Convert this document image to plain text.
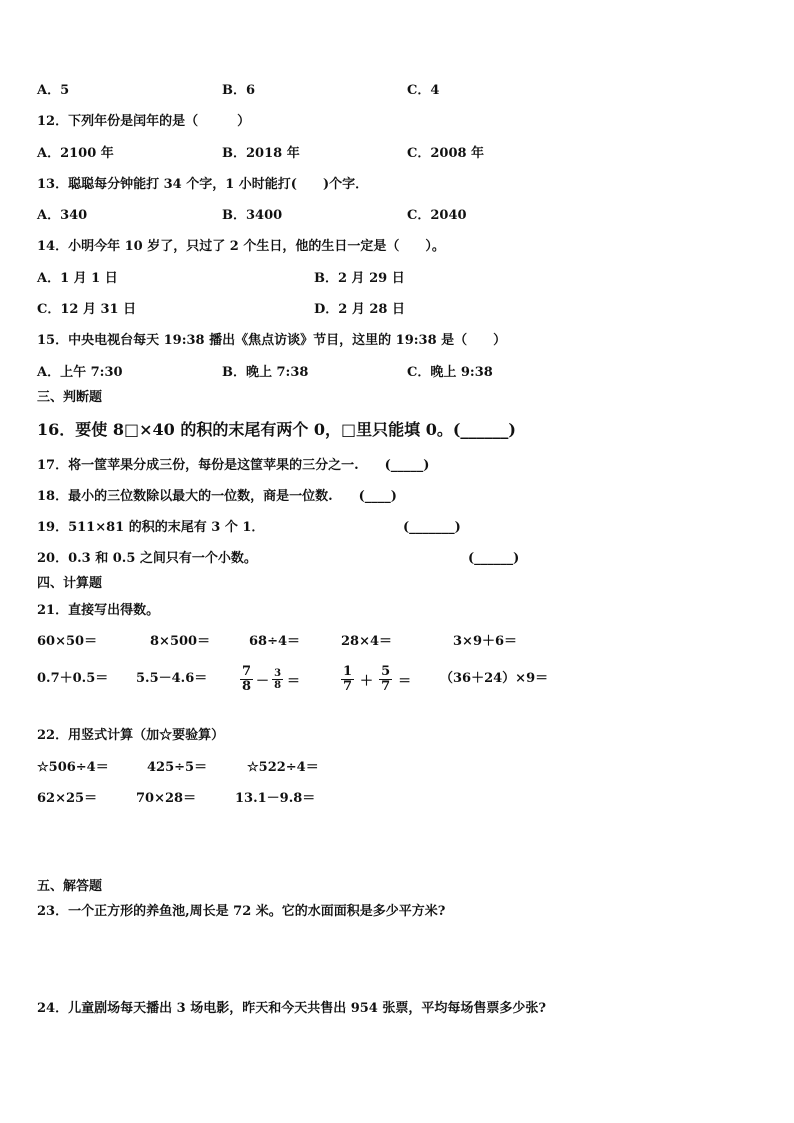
A．5	B．6	C．4
12．下列年份是闰年的是（　　　）
A．2100 年	B．2018 年	C．2008 年
13．聪聪每分钟能打 34 个字，1 小时能打(　　)个字．
A．340	B．3400	C．2040
14．小明今年 10 岁了，只过了 2 个生日，他的生日一定是（　　）。
A．1 月 1 日	B．2 月 29 日
C．12 月 31 日	D．2 月 28 日
15．中央电视台每天 19:38 播出《焦点访谈》节目，这里的 19:38 是（　　）
A．上午 7:30	B．晚上 7:38	C．晚上 9:38
三、判断题
16．要使 8□×40 的积的末尾有两个 0，□里只能填 0。(______)
17．将一筐苹果分成三份，每份是这筐苹果的三分之一.　　(_____)
18．最小的三位数除以最大的一位数，商是一位数.　　(____)
19．511×81 的积的末尾有 3 个 1．	(_______)
20．0.3 和 0.5 之间只有一个小数。	(______)
四、计算题
21．直接写出得数。
60×50＝	8×500＝	68÷4＝	28×4＝	3×9＋6＝
0.7＋0.5＝ 5.5－4.6＝	$\frac{7}{8} - \frac{3}{8}$ ＝	$\frac{1}{7} + \frac{5}{7} = (36+24)\times 9=$
22．用竖式计算（加☆要验算）
☆506÷4＝	425÷5＝	☆522÷4＝
62×25＝	70×28＝	13.1－9.8＝
五、解答题
23．一个正方形的养鱼池,周长是 72 米。它的水面面积是多少平方米?
24．儿童剧场每天播出 3 场电影，昨天和今天共售出 954 张票，平均每场售票多少张?
